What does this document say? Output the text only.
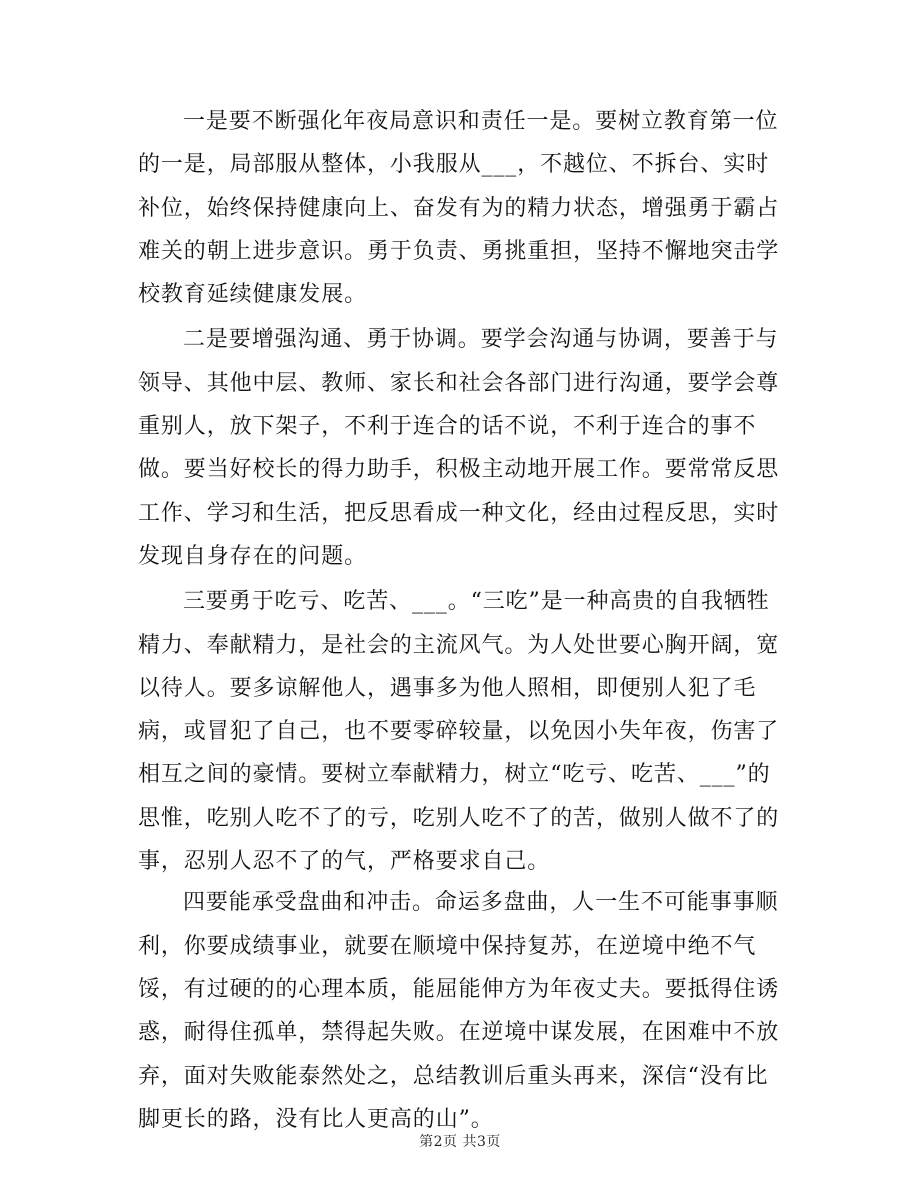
一是要不断强化年夜局意识和责任一是。要树立教育第一位的一是，局部服从整体，小我服从___，不越位、不拆台、实时补位，始终保持健康向上、奋发有为的精力状态，增强勇于霸占难关的朝上进步意识。勇于负责、勇挑重担，坚持不懈地突击学校教育延续健康发展。

二是要增强沟通、勇于协调。要学会沟通与协调，要善于与领导、其他中层、教师、家长和社会各部门进行沟通，要学会尊重别人，放下架子，不利于连合的话不说，不利于连合的事不做。要当好校长的得力助手，积极主动地开展工作。要常常反思工作、学习和生活，把反思看成一种文化，经由过程反思，实时发现自身存在的问题。

三要勇于吃亏、吃苦、___。“三吃”是一种高贵的自我牺牲精力、奉献精力，是社会的主流风气。为人处世要心胸开阔，宽以待人。要多谅解他人，遇事多为他人照相，即便别人犯了毛病，或冒犯了自己，也不要零碎较量，以免因小失年夜，伤害了相互之间的豪情。要树立奉献精力，树立“吃亏、吃苦、___”的思惟，吃别人吃不了的亏，吃别人吃不了的苦，做别人做不了的事，忍别人忍不了的气，严格要求自己。

四要能承受盘曲和冲击。命运多盘曲，人一生不可能事事顺利，你要成绩事业，就要在顺境中保持复苏，在逆境中绝不气馁，有过硬的的心理本质，能屈能伸方为年夜丈夫。要抵得住诱惑，耐得住孤单，禁得起失败。在逆境中谋发展，在困难中不放弃，面对失败能泰然处之，总结教训后重头再来，深信“没有比脚更长的路，没有比人更高的山”。

第2页 共3页
